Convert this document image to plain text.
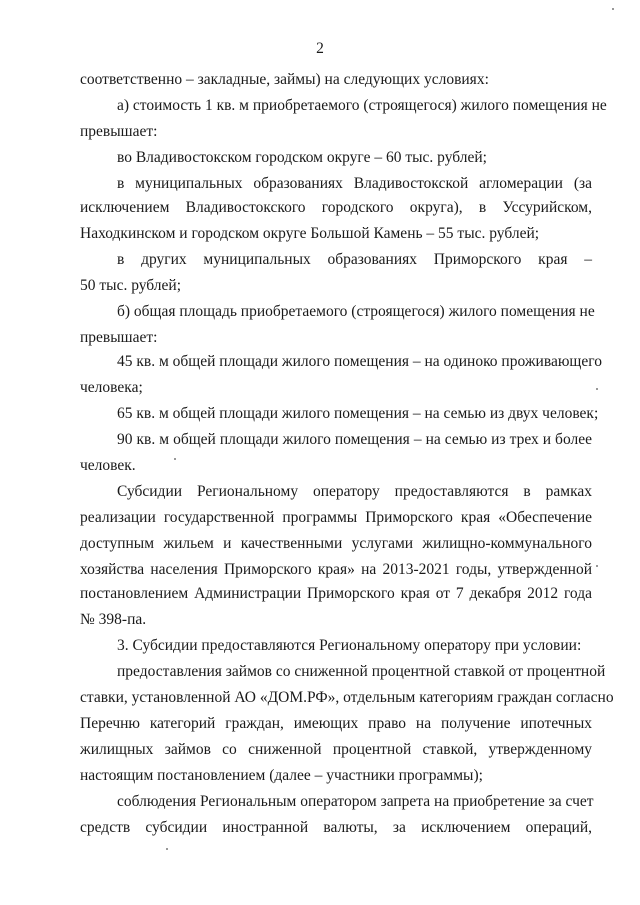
2
соответственно – закладные, займы) на следующих условиях:
а) стоимость 1 кв. м приобретаемого (строящегося) жилого помещения не
превышает:
во Владивостокском городском округе – 60 тыс. рублей;
в муниципальных образованиях Владивостокской агломерации (за
исключением Владивостокского городского округа), в Уссурийском,
Находкинском и городском округе Большой Камень – 55 тыс. рублей;
в других муниципальных образованиях Приморского края –
50 тыс. рублей;
б) общая площадь приобретаемого (строящегося) жилого помещения не
превышает:
45 кв. м общей площади жилого помещения – на одиноко проживающего
человека;
65 кв. м общей площади жилого помещения – на семью из двух человек;
90 кв. м общей площади жилого помещения – на семью из трех и более
человек.
Субсидии Региональному оператору предоставляются в рамках
реализации государственной программы Приморского края «Обеспечение
доступным жильем и качественными услугами жилищно-коммунального
хозяйства населения Приморского края» на 2013-2021 годы, утвержденной
постановлением Администрации Приморского края от 7 декабря 2012 года
№ 398-па.
3. Субсидии предоставляются Региональному оператору при условии:
предоставления займов со сниженной процентной ставкой от процентной
ставки, установленной АО «ДОМ.РФ», отдельным категориям граждан согласно
Перечню категорий граждан, имеющих право на получение ипотечных
жилищных займов со сниженной процентной ставкой, утвержденному
настоящим постановлением (далее – участники программы);
соблюдения Региональным оператором запрета на приобретение за счет
средств субсидии иностранной валюты, за исключением операций,
